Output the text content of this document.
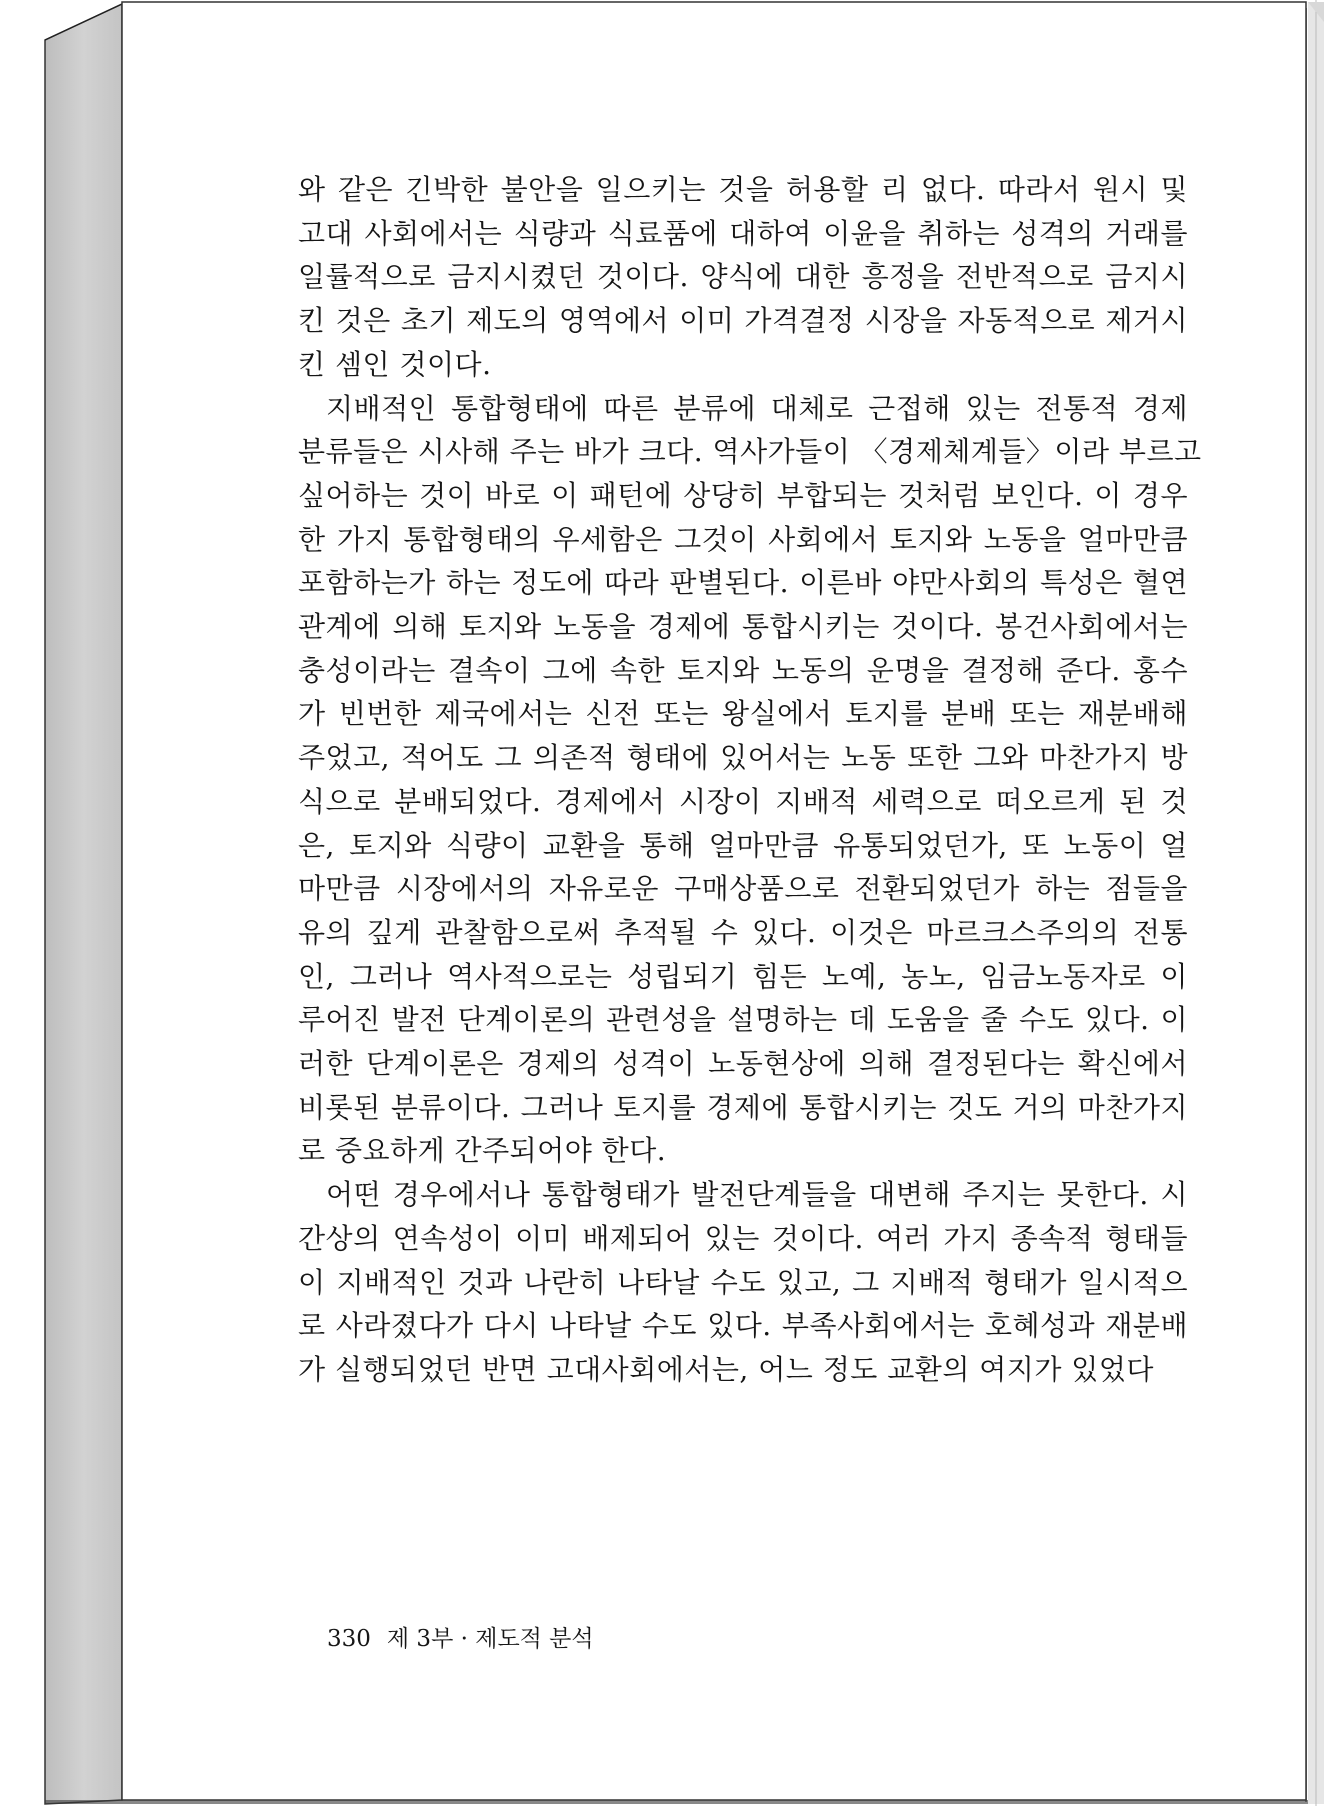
와 같은 긴박한 불안을 일으키는 것을 허용할 리 없다. 따라서 원시 및
고대 사회에서는 식량과 식료품에 대하여 이윤을 취하는 성격의 거래를
일률적으로 금지시켰던 것이다. 양식에 대한 흥정을 전반적으로 금지시
킨 것은 초기 제도의 영역에서 이미 가격결정 시장을 자동적으로 제거시
킨 셈인 것이다.
지배적인 통합형태에 따른 분류에 대체로 근접해 있는 전통적 경제
분류들은 시사해 주는 바가 크다. 역사가들이 〈경제체계들〉이라 부르고
싶어하는 것이 바로 이 패턴에 상당히 부합되는 것처럼 보인다. 이 경우
한 가지 통합형태의 우세함은 그것이 사회에서 토지와 노동을 얼마만큼
포함하는가 하는 정도에 따라 판별된다. 이른바 야만사회의 특성은 혈연
관계에 의해 토지와 노동을 경제에 통합시키는 것이다. 봉건사회에서는
충성이라는 결속이 그에 속한 토지와 노동의 운명을 결정해 준다. 홍수
가 빈번한 제국에서는 신전 또는 왕실에서 토지를 분배 또는 재분배해
주었고, 적어도 그 의존적 형태에 있어서는 노동 또한 그와 마찬가지 방
식으로 분배되었다. 경제에서 시장이 지배적 세력으로 떠오르게 된 것
은, 토지와 식량이 교환을 통해 얼마만큼 유통되었던가, 또 노동이 얼
마만큼 시장에서의 자유로운 구매상품으로 전환되었던가 하는 점들을
유의 깊게 관찰함으로써 추적될 수 있다. 이것은 마르크스주의의 전통
인, 그러나 역사적으로는 성립되기 힘든 노예, 농노, 임금노동자로 이
루어진 발전 단계이론의 관련성을 설명하는 데 도움을 줄 수도 있다. 이
러한 단계이론은 경제의 성격이 노동현상에 의해 결정된다는 확신에서
비롯된 분류이다. 그러나 토지를 경제에 통합시키는 것도 거의 마찬가지
로 중요하게 간주되어야 한다.
어떤 경우에서나 통합형태가 발전단계들을 대변해 주지는 못한다. 시
간상의 연속성이 이미 배제되어 있는 것이다. 여러 가지 종속적 형태들
이 지배적인 것과 나란히 나타날 수도 있고, 그 지배적 형태가 일시적으
로 사라졌다가 다시 나타날 수도 있다. 부족사회에서는 호혜성과 재분배
가 실행되었던 반면 고대사회에서는, 어느 정도 교환의 여지가 있었다
330 제 3부 · 제도적 분석
